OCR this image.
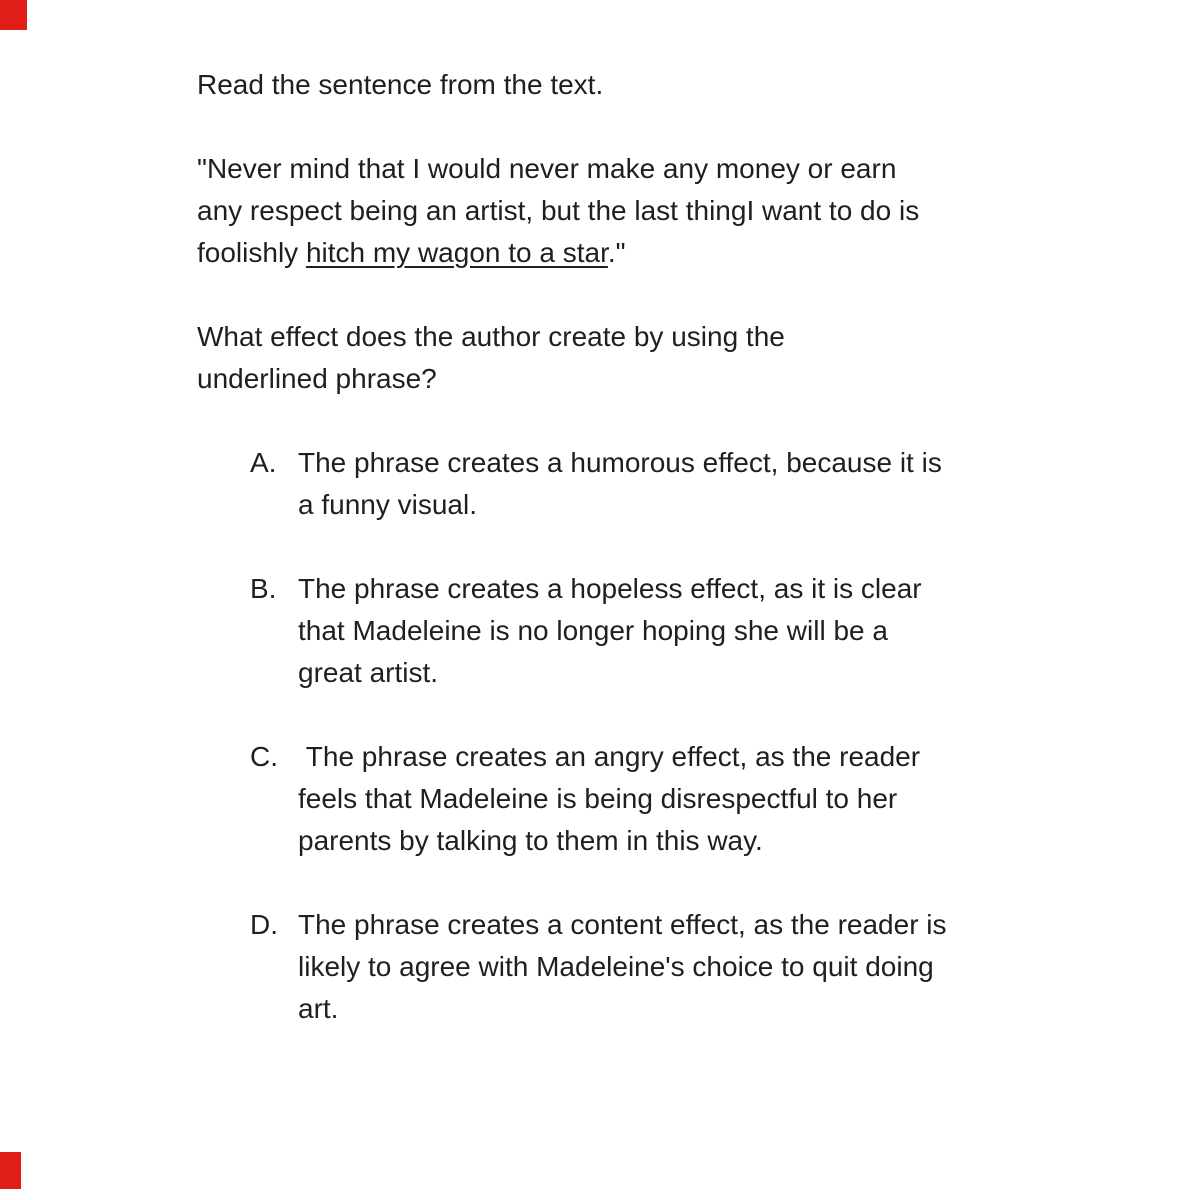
Read the sentence from the text.

"Never mind that I would never make any money or earn any respect being an artist, but the last thingI want to do is foolishly hitch my wagon to a star."

What effect does the author create by using the underlined phrase?

A. The phrase creates a humorous effect, because it is a funny visual.
B. The phrase creates a hopeless effect, as it is clear that Madeleine is no longer hoping she will be a great artist.
C. The phrase creates an angry effect, as the reader feels that Madeleine is being disrespectful to her parents by talking to them in this way.
D. The phrase creates a content effect, as the reader is likely to agree with Madeleine's choice to quit doing art.
